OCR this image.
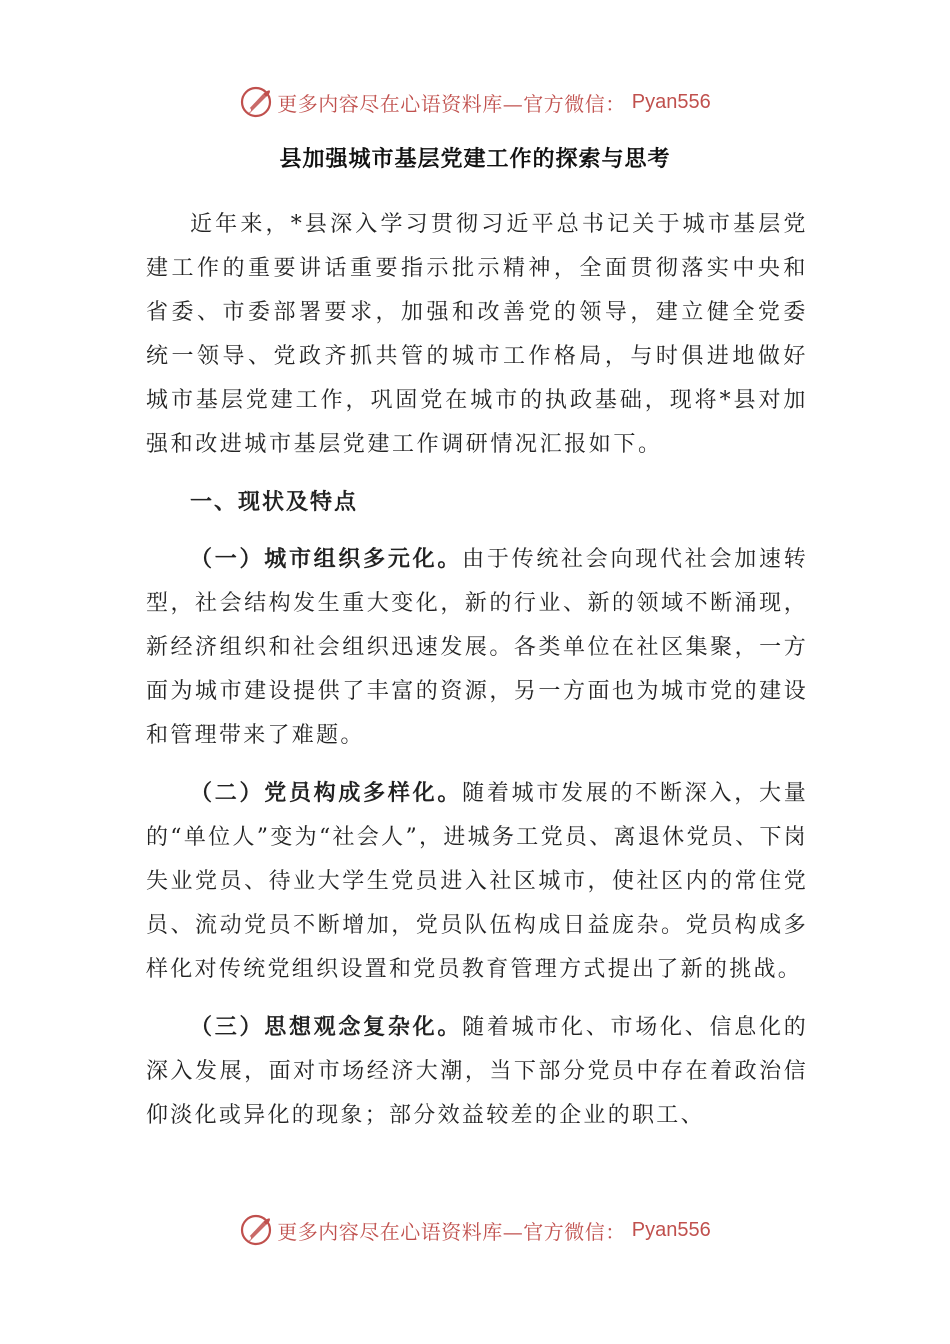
更多内容尽在心语资料库—官方微信： Pyan556
县加强城市基层党建工作的探索与思考

近年来，*县深入学习贯彻习近平总书记关于城市基层党建工作的重要讲话重要指示批示精神，全面贯彻落实中央和省委、市委部署要求，加强和改善党的领导，建立健全党委统一领导、党政齐抓共管的城市工作格局，与时俱进地做好城市基层党建工作，巩固党在城市的执政基础，现将*县对加强和改进城市基层党建工作调研情况汇报如下。

一、现状及特点

（一）城市组织多元化。由于传统社会向现代社会加速转型，社会结构发生重大变化，新的行业、新的领域不断涌现，新经济组织和社会组织迅速发展。各类单位在社区集聚，一方面为城市建设提供了丰富的资源，另一方面也为城市党的建设和管理带来了难题。

（二）党员构成多样化。随着城市发展的不断深入，大量的“单位人”变为“社会人”，进城务工党员、离退休党员、下岗失业党员、待业大学生党员进入社区城市，使社区内的常住党员、流动党员不断增加，党员队伍构成日益庞杂。党员构成多样化对传统党组织设置和党员教育管理方式提出了新的挑战。

（三）思想观念复杂化。随着城市化、市场化、信息化的深入发展，面对市场经济大潮，当下部分党员中存在着政治信仰淡化或异化的现象；部分效益较差的企业的职工、

更多内容尽在心语资料库—官方微信： Pyan556
